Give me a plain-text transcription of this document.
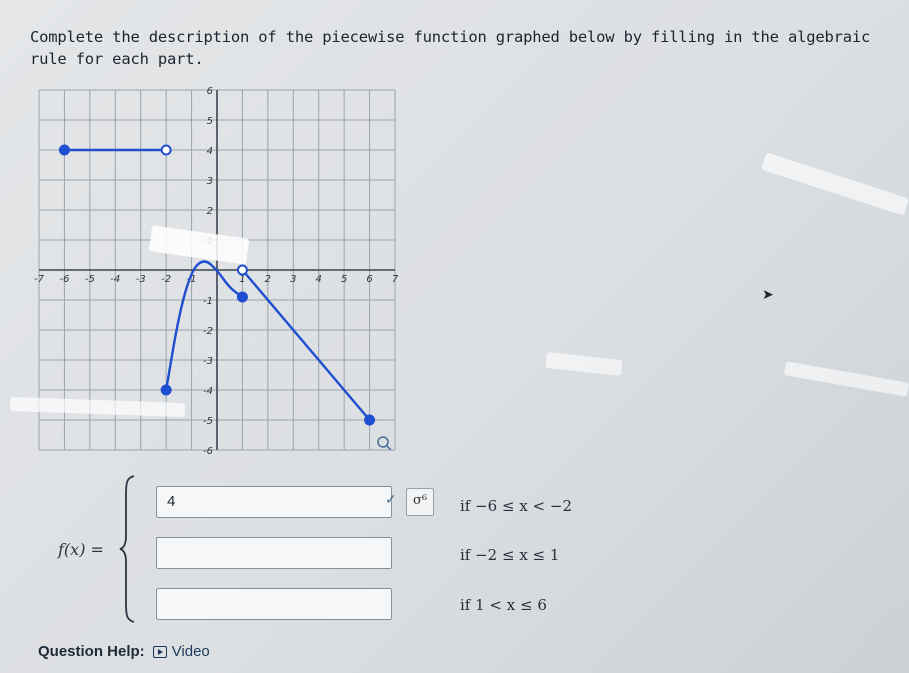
Complete the description of the piecewise function graphed below by filling in the algebraic rule for each part.
-7 -6 -5 -4 -3 -2 -1	1 2 3 4 5 6 7
6
5
4
3
2
-1
-2
-3
-4
-5
-6
f(x) =
4	✓	σ⁶	if −6 ≤ x < −2
if −2 ≤ x ≤ 1
if 1 < x ≤ 6
Question Help: Video
➤
